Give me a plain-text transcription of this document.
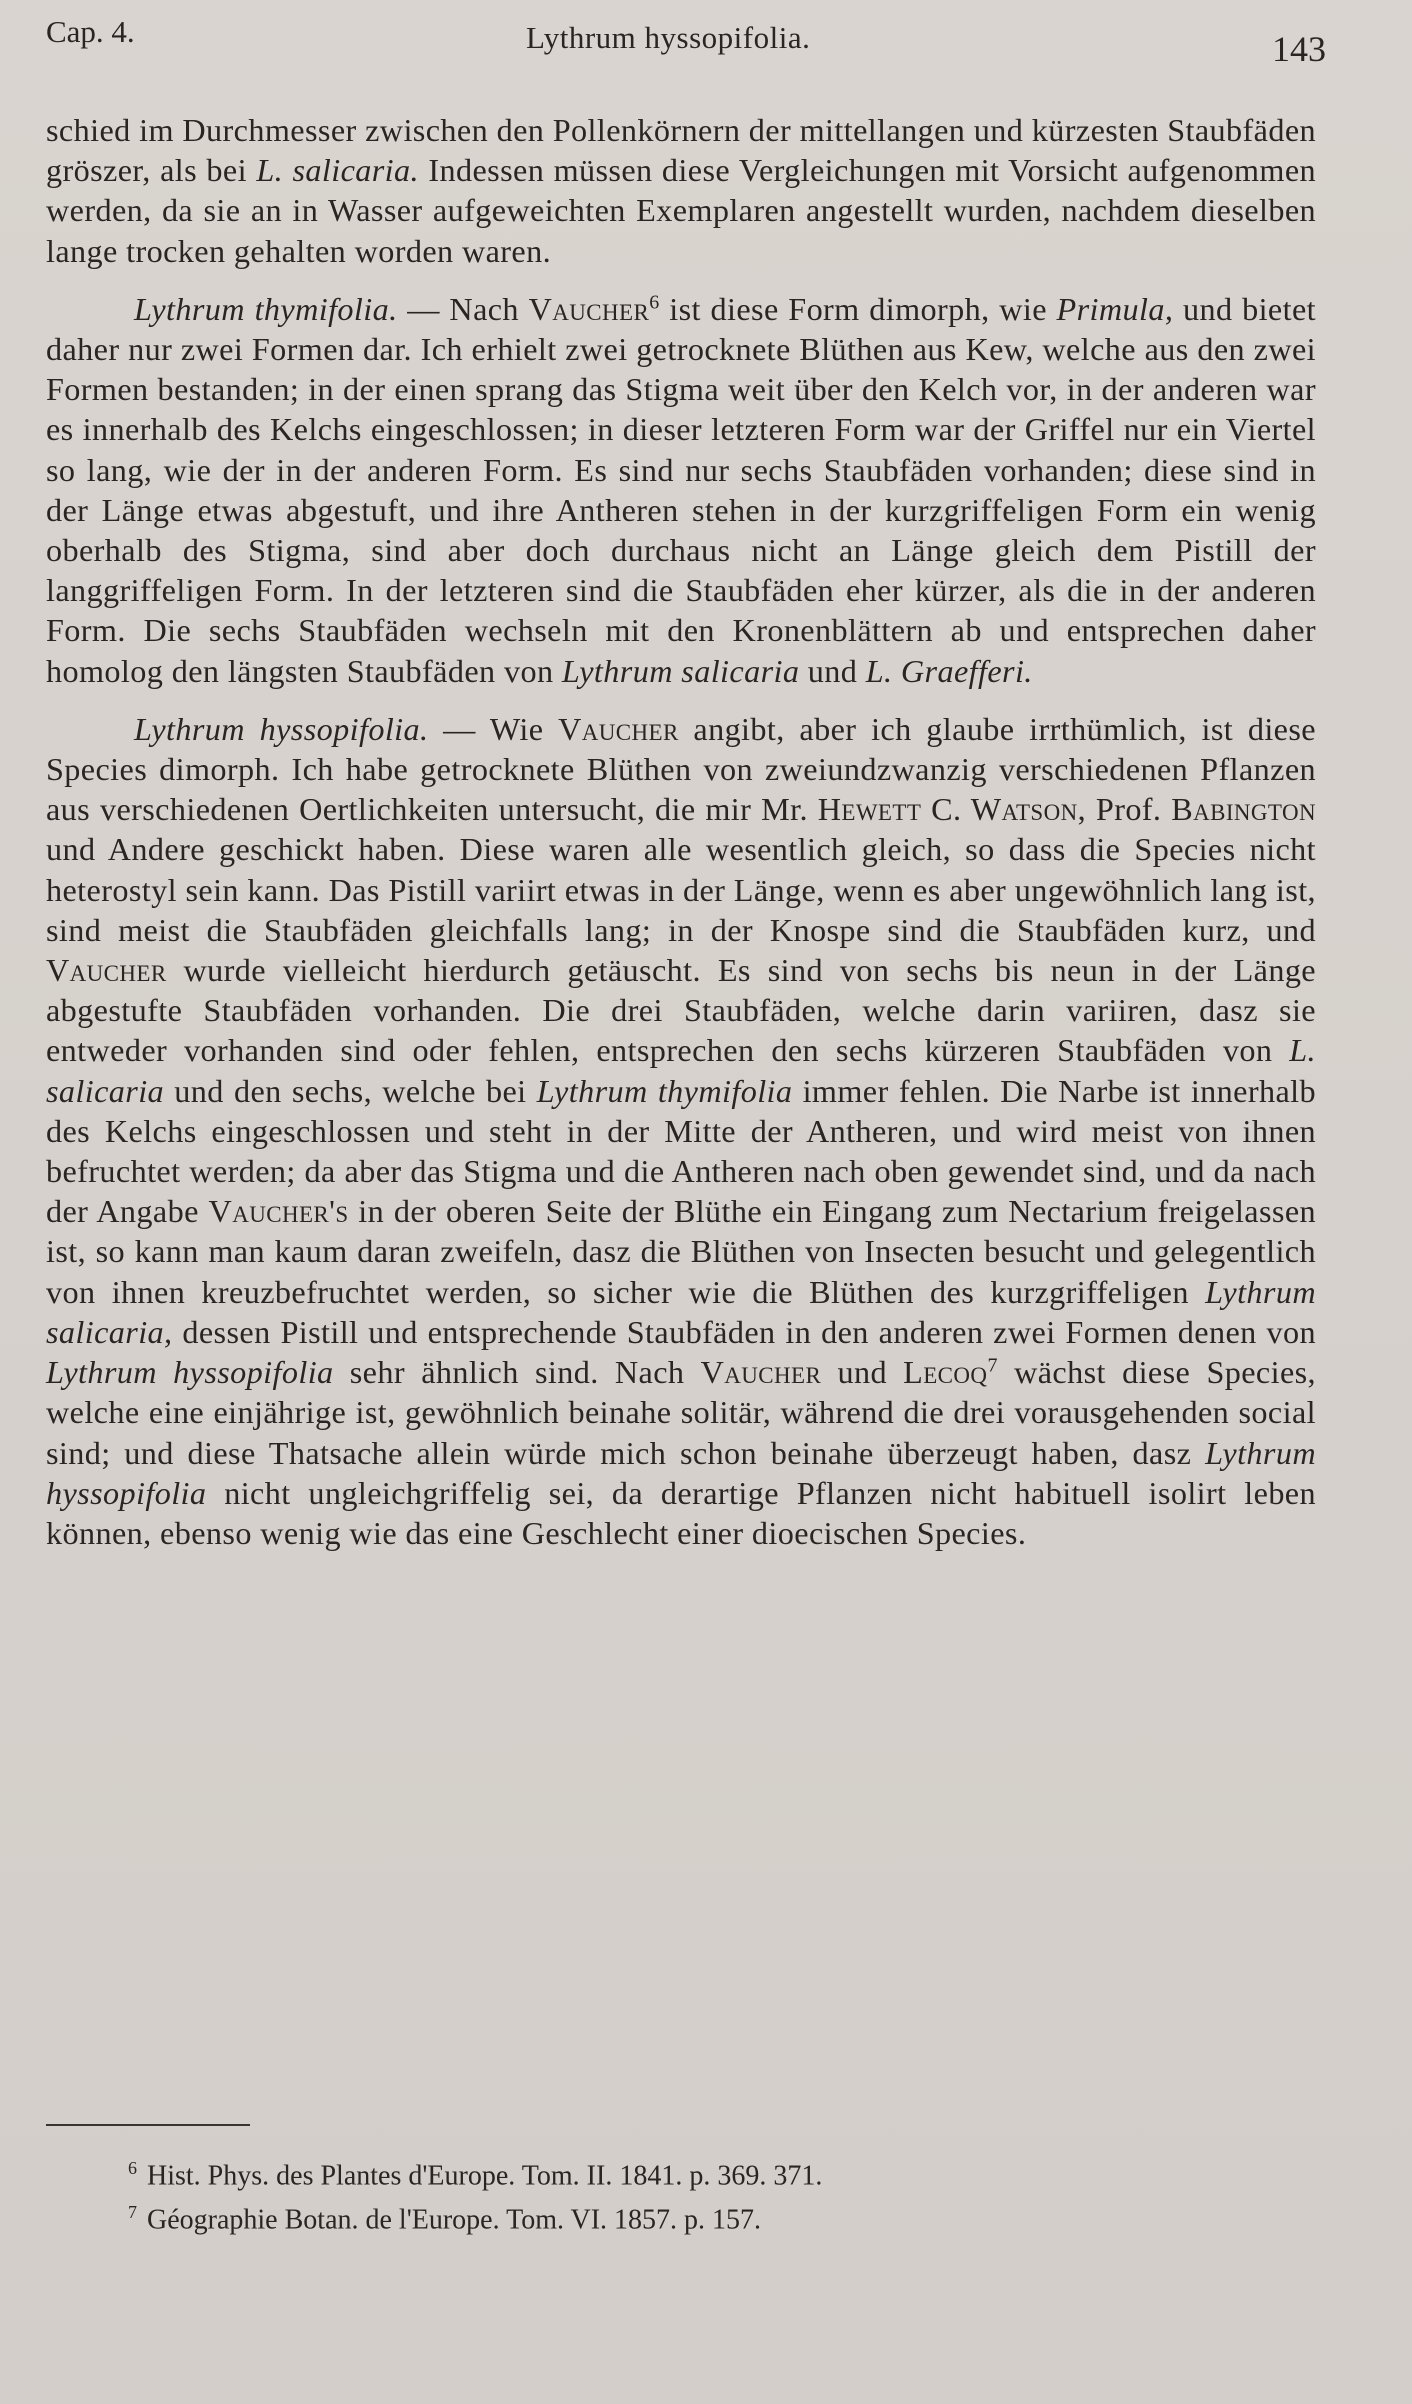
Cap. 4.	Lythrum hyssopifolia.	143

schied im Durchmesser zwischen den Pollenkörnern der mittellangen und kürzesten Staubfäden gröszer, als bei L. salicaria. Indessen müssen diese Vergleichungen mit Vorsicht aufgenommen werden, da sie an in Wasser aufgeweichten Exemplaren angestellt wurden, nachdem dieselben lange trocken gehalten worden waren.

Lythrum thymifolia. — Nach Vaucher$^6$ ist diese Form dimorph, wie Primula, und bietet daher nur zwei Formen dar. Ich erhielt zwei getrocknete Blüthen aus Kew, welche aus den zwei Formen bestanden; in der einen sprang das Stigma weit über den Kelch vor, in der anderen war es innerhalb des Kelchs eingeschlossen; in dieser letzteren Form war der Griffel nur ein Viertel so lang, wie der in der anderen Form. Es sind nur sechs Staubfäden vorhanden; diese sind in der Länge etwas abgestuft, und ihre Antheren stehen in der kurzgriffeligen Form ein wenig oberhalb des Stigma, sind aber doch durchaus nicht an Länge gleich dem Pistill der langgriffeligen Form. In der letzteren sind die Staubfäden eher kürzer, als die in der anderen Form. Die sechs Staubfäden wechseln mit den Kronenblättern ab und entsprechen daher homolog den längsten Staubfäden von Lythrum salicaria und L. Graefferi.

Lythrum hyssopifolia. — Wie Vaucher angibt, aber ich glaube irrthümlich, ist diese Species dimorph. Ich habe getrocknete Blüthen von zweiundzwanzig verschiedenen Pflanzen aus verschiedenen Oertlichkeiten untersucht, die mir Mr. Hewett C. Watson, Prof. Babington und Andere geschickt haben. Diese waren alle wesentlich gleich, so dass die Species nicht heterostyl sein kann. Das Pistill variirt etwas in der Länge, wenn es aber ungewöhnlich lang ist, sind meist die Staubfäden gleichfalls lang; in der Knospe sind die Staubfäden kurz, und Vaucher wurde vielleicht hierdurch getäuscht. Es sind von sechs bis neun in der Länge abgestufte Staubfäden vorhanden. Die drei Staubfäden, welche darin variiren, dasz sie entweder vorhanden sind oder fehlen, entsprechen den sechs kürzeren Staubfäden von L. salicaria und den sechs, welche bei Lythrum thymifolia immer fehlen. Die Narbe ist innerhalb des Kelchs eingeschlossen und steht in der Mitte der Antheren, und wird meist von ihnen befruchtet werden; da aber das Stigma und die Antheren nach oben gewendet sind, und da nach der Angabe Vaucher's in der oberen Seite der Blüthe ein Eingang zum Nectarium freigelassen ist, so kann man kaum daran zweifeln, dasz die Blüthen von Insecten besucht und gelegentlich von ihnen kreuzbefruchtet werden, so sicher wie die Blüthen des kurzgriffeligen Lythrum salicaria, dessen Pistill und entsprechende Staubfäden in den anderen zwei Formen denen von Lythrum hyssopifolia sehr ähnlich sind. Nach Vaucher und Lecoq$^7$ wächst diese Species, welche eine einjährige ist, gewöhnlich beinahe solitär, während die drei vorausgehenden social sind; und diese Thatsache allein würde mich schon beinahe überzeugt haben, dasz Lythrum hyssopifolia nicht ungleichgriffelig sei, da derartige Pflanzen nicht habituell isolirt leben können, ebenso wenig wie das eine Geschlecht einer dioecischen Species.

$^6$ Hist. Phys. des Plantes d'Europe. Tom. II. 1841. p. 369. 371.

$^7$ Géographie Botan. de l'Europe. Tom. VI. 1857. p. 157.
